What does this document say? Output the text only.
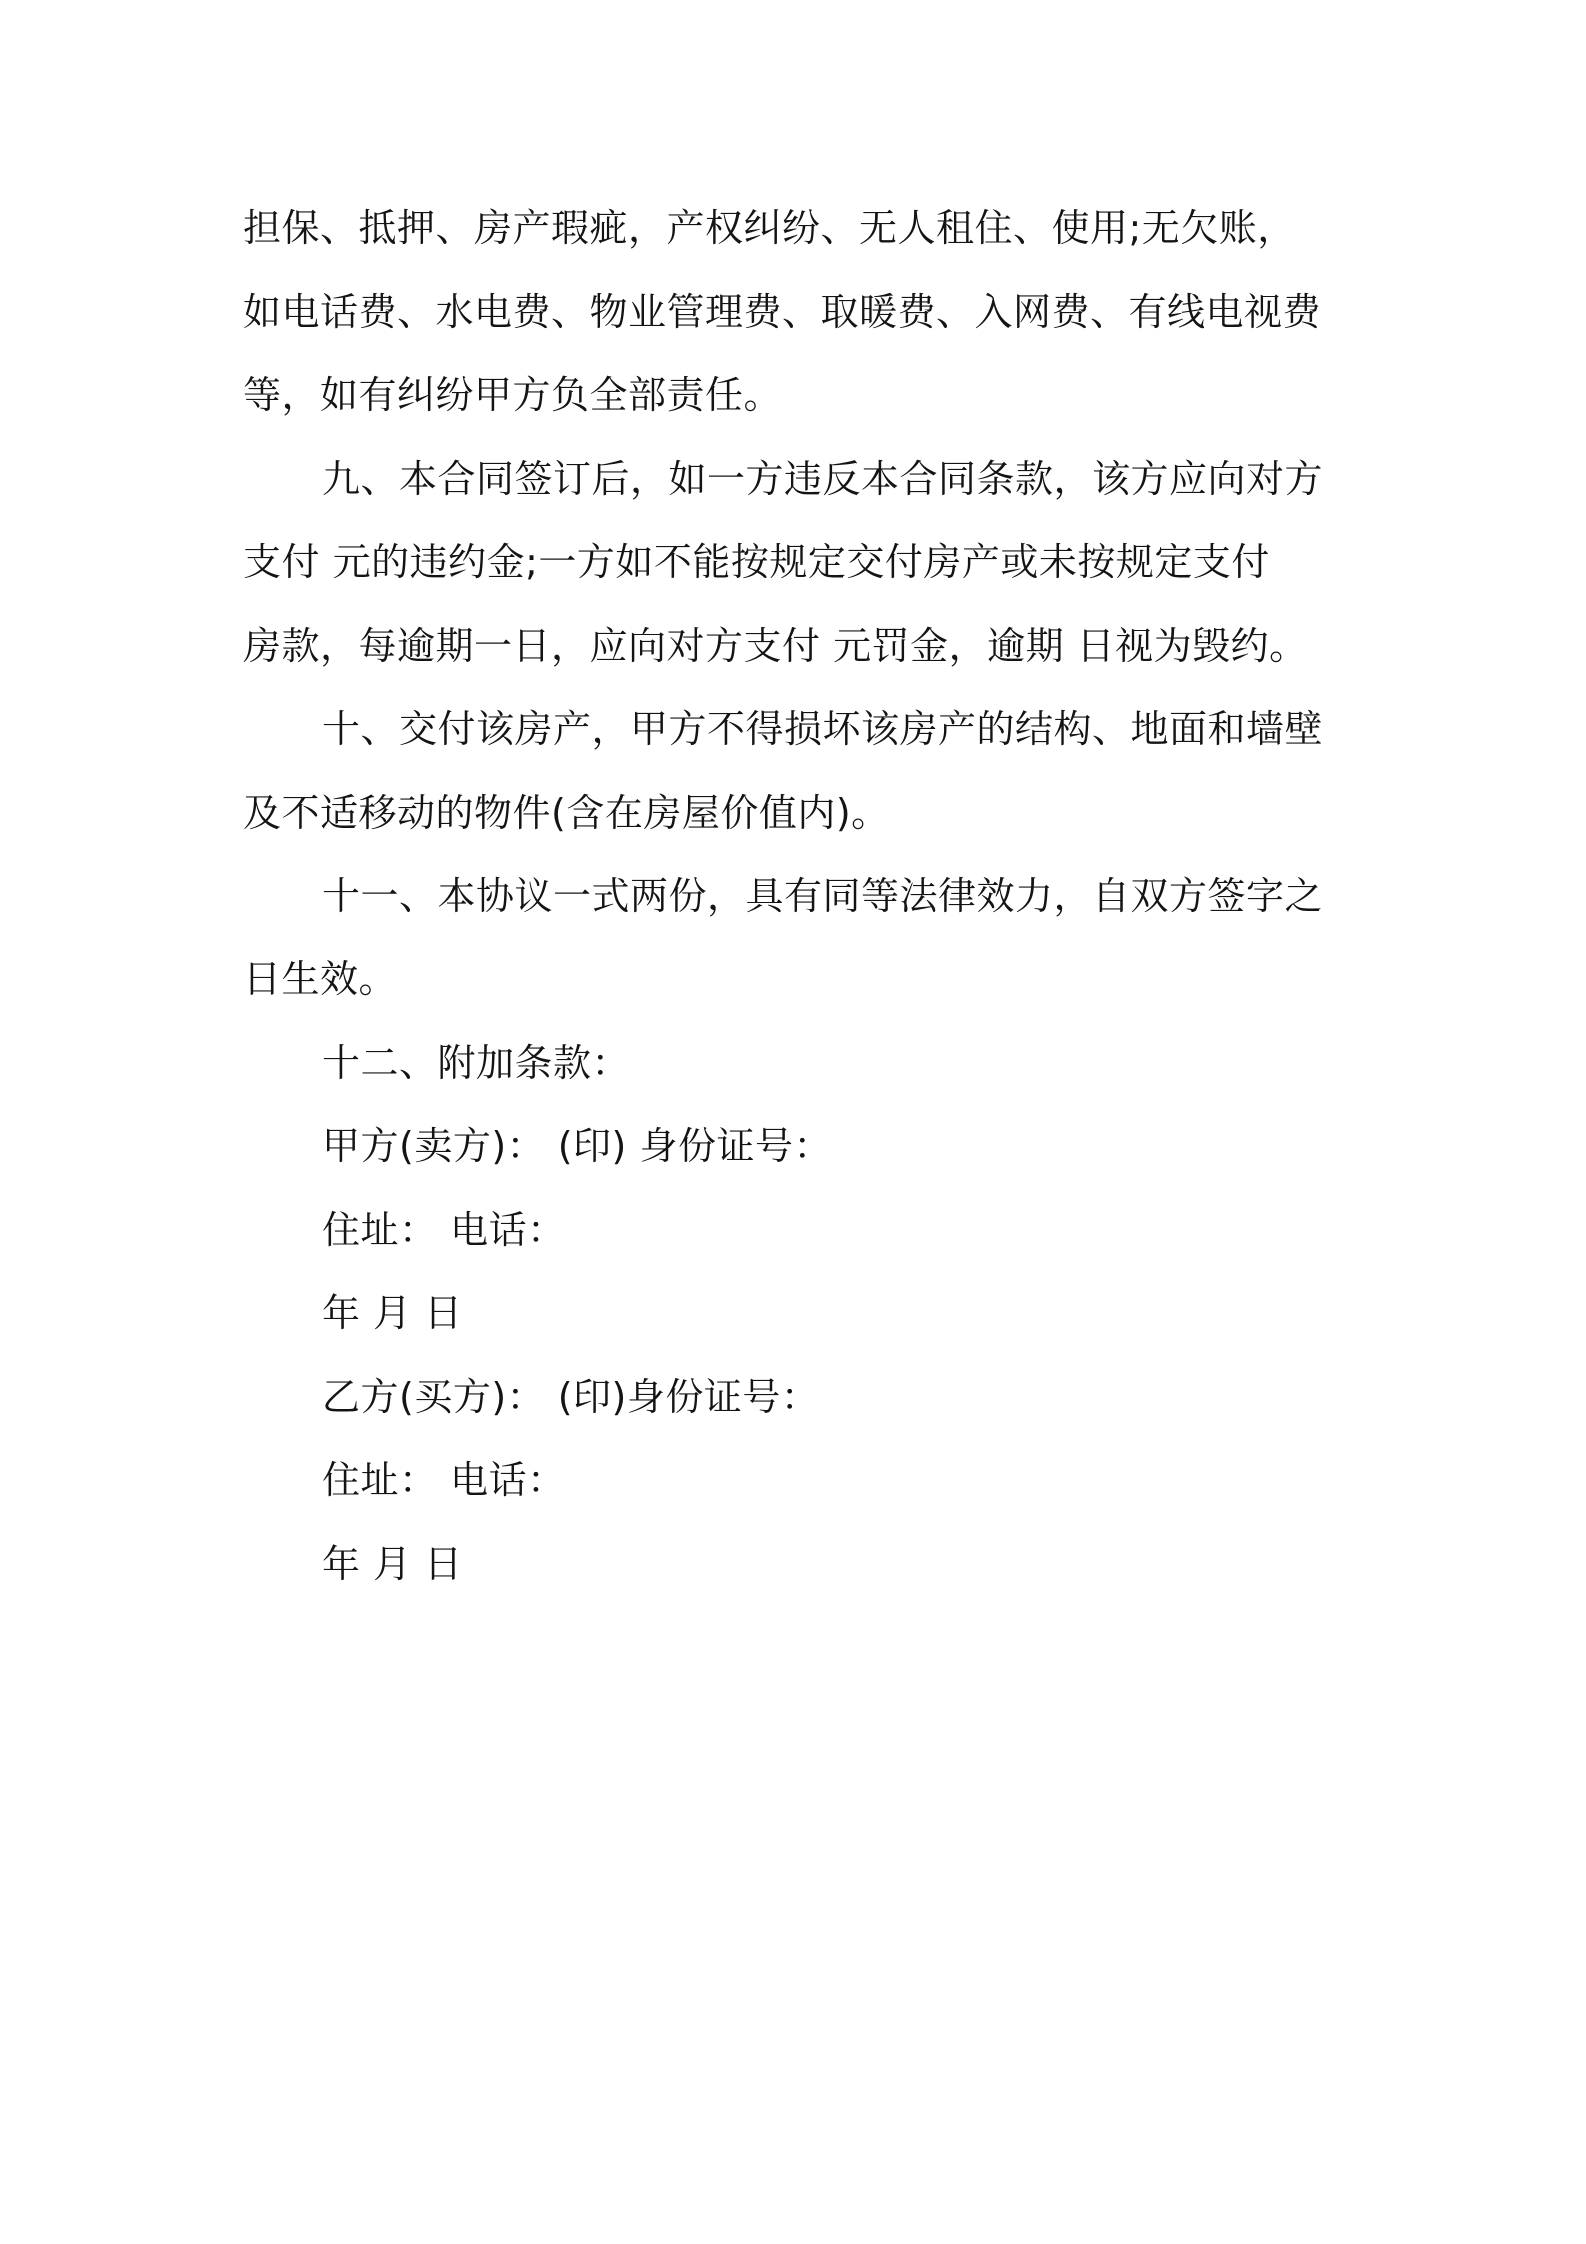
担保、抵押、房产瑕疵，产权纠纷、无人租住、使用;无欠账，
如电话费、水电费、物业管理费、取暖费、入网费、有线电视费
等，如有纠纷甲方负全部责任。
九、本合同签订后，如一方违反本合同条款，该方应向对方
支付 元的违约金;一方如不能按规定交付房产或未按规定支付
房款，每逾期一日，应向对方支付 元罚金，逾期 日视为毁约。
十、交付该房产，甲方不得损坏该房产的结构、地面和墙壁
及不适移动的物件(含在房屋价值内)。
十一、本协议一式两份，具有同等法律效力，自双方签字之
日生效。
十二、附加条款：
甲方(卖方)： (印) 身份证号：
住址： 电话：
年 月 日
乙方(买方)： (印)身份证号：
住址： 电话：
年 月 日
